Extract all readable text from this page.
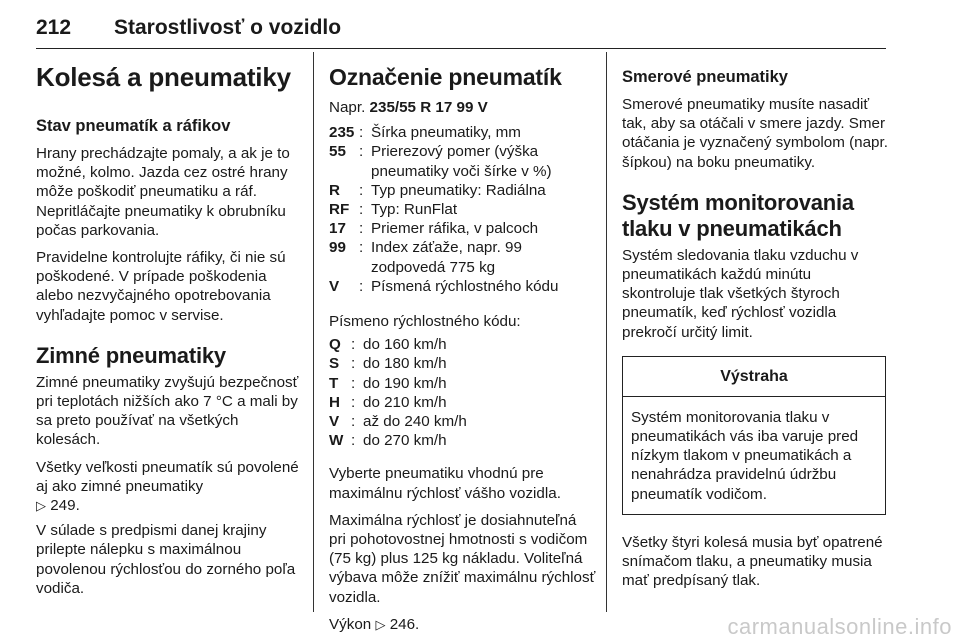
212 Starostlivosť o vozidlo
Kolesá a pneumatiky
Stav pneumatík a ráfikov
Hrany prechádzajte pomaly, a ak je to možné, kolmo. Jazda cez ostré hrany môže poškodiť pneumatiku a ráf. Nepritláčajte pneumatiky k obrubníku počas parkovania.
Pravidelne kontrolujte ráfiky, či nie sú poškodené. V prípade poškodenia alebo nezvyčajného opotrebovania vyhľadajte pomoc v servise.
Zimné pneumatiky
Zimné pneumatiky zvyšujú bezpečnosť pri teplotách nižších ako 7 °C a mali by sa preto používať na všetkých kolesách.
Všetky veľkosti pneumatík sú povolené aj ako zimné pneumatiky
▷ 249.
V súlade s predpismi danej krajiny prilepte nálepku s maximálnou povolenou rýchlosťou do zorného poľa vodiča.
Označenie pneumatík
Napr. 235/55 R 17 99 V
235 : Šírka pneumatiky, mm
55 : Prierezový pomer (výška pneumatiky voči šírke v %)
R	: Typ pneumatiky: Radiálna
RF : Typ: RunFlat
17 : Priemer ráfika, v palcoch
99 : Index záťaže, napr. 99 zodpovedá 775 kg
V	: Písmená rýchlostného kódu
Písmeno rýchlostného kódu:
Q : do 160 km/h
S : do 180 km/h
T : do 190 km/h
H : do 210 km/h
V : až do 240 km/h
W : do 270 km/h
Vyberte pneumatiku vhodnú pre maximálnu rýchlosť vášho vozidla.
Maximálna rýchlosť je dosiahnuteľná pri pohotovostnej hmotnosti s vodičom (75 kg) plus 125 kg nákladu. Voliteľná výbava môže znížiť maximálnu rýchlosť vozidla.
Výkon ▷ 246.
Smerové pneumatiky
Smerové pneumatiky musíte nasadiť tak, aby sa otáčali v smere jazdy. Smer otáčania je vyznačený symbolom (napr. šípkou) na boku pneumatiky.
Systém monitorovania tlaku v pneumatikách
Systém sledovania tlaku vzduchu v pneumatikách každú minútu skontroluje tlak všetkých štyroch pneumatík, keď rýchlosť vozidla prekročí určitý limit.
Výstraha
Systém monitorovania tlaku v pneumatikách vás iba varuje pred nízkym tlakom v pneumatikách a nenahrádza pravidelnú údržbu pneumatík vodičom.
Všetky štyri kolesá musia byť opatrené snímačom tlaku, a pneumatiky musia mať predpísaný tlak.
carmanualsonline.info
